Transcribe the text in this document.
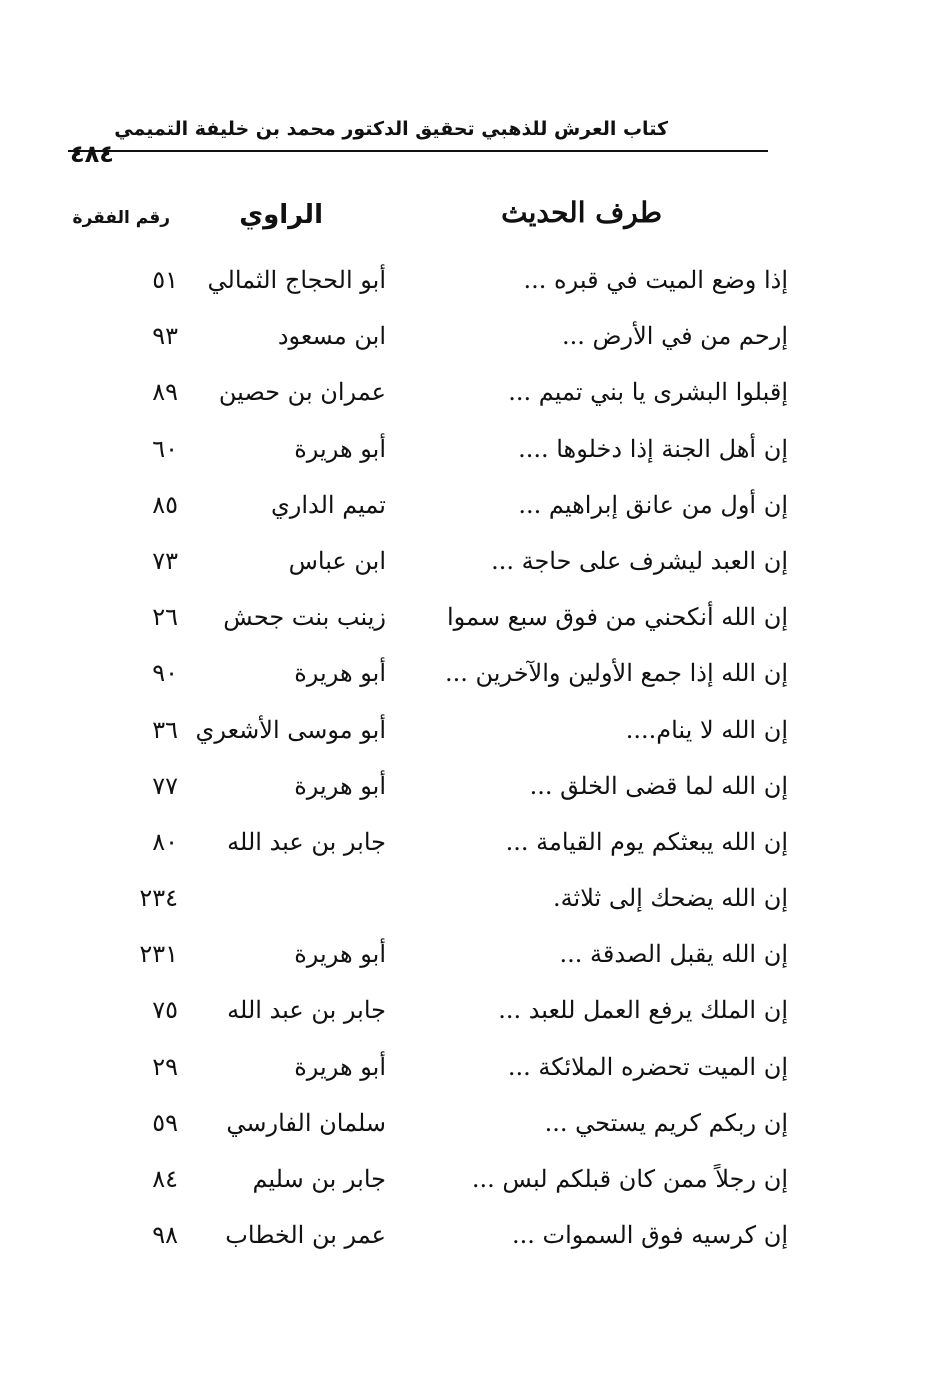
٤٨٤
كتاب العرش للذهبي تحقيق الدكتور محمد بن خليفة التميمي
طرف الحديث
الراوي
رقم الفقرة
إذا وضع الميت في قبره ...
أبو الحجاج الثمالي
٥١
إرحم من في الأرض ...
ابن مسعود
٩٣
إقبلوا البشرى يا بني تميم ...
عمران بن حصين
٨٩
إن أهل الجنة إذا دخلوها ....
أبو هريرة
٦٠
إن أول من عانق إبراهيم ...
تميم الداري
٨٥
إن العبد ليشرف على حاجة ...
ابن عباس
٧٣
إن الله أنكحني من فوق سبع سموا
زينب بنت جحش
٢٦
إن الله إذا جمع الأولين والآخرين ...
أبو هريرة
٩٠
إن الله لا ينام....
أبو موسى الأشعري
٣٦
إن الله لما قضى الخلق ...
أبو هريرة
٧٧
إن الله يبعثكم يوم القيامة ...
جابر بن عبد الله
٨٠
إن الله يضحك إلى ثلاثة.
٢٣٤
إن الله يقبل الصدقة ...
أبو هريرة
٢٣١
إن الملك يرفع العمل للعبد ...
جابر بن عبد الله
٧٥
إن الميت تحضره الملائكة ...
أبو هريرة
٢٩
إن ربكم كريم يستحي ...
سلمان الفارسي
٥٩
إن رجلاً ممن كان قبلكم لبس ...
جابر بن سليم
٨٤
إن كرسيه فوق السموات ...
عمر بن الخطاب
٩٨
